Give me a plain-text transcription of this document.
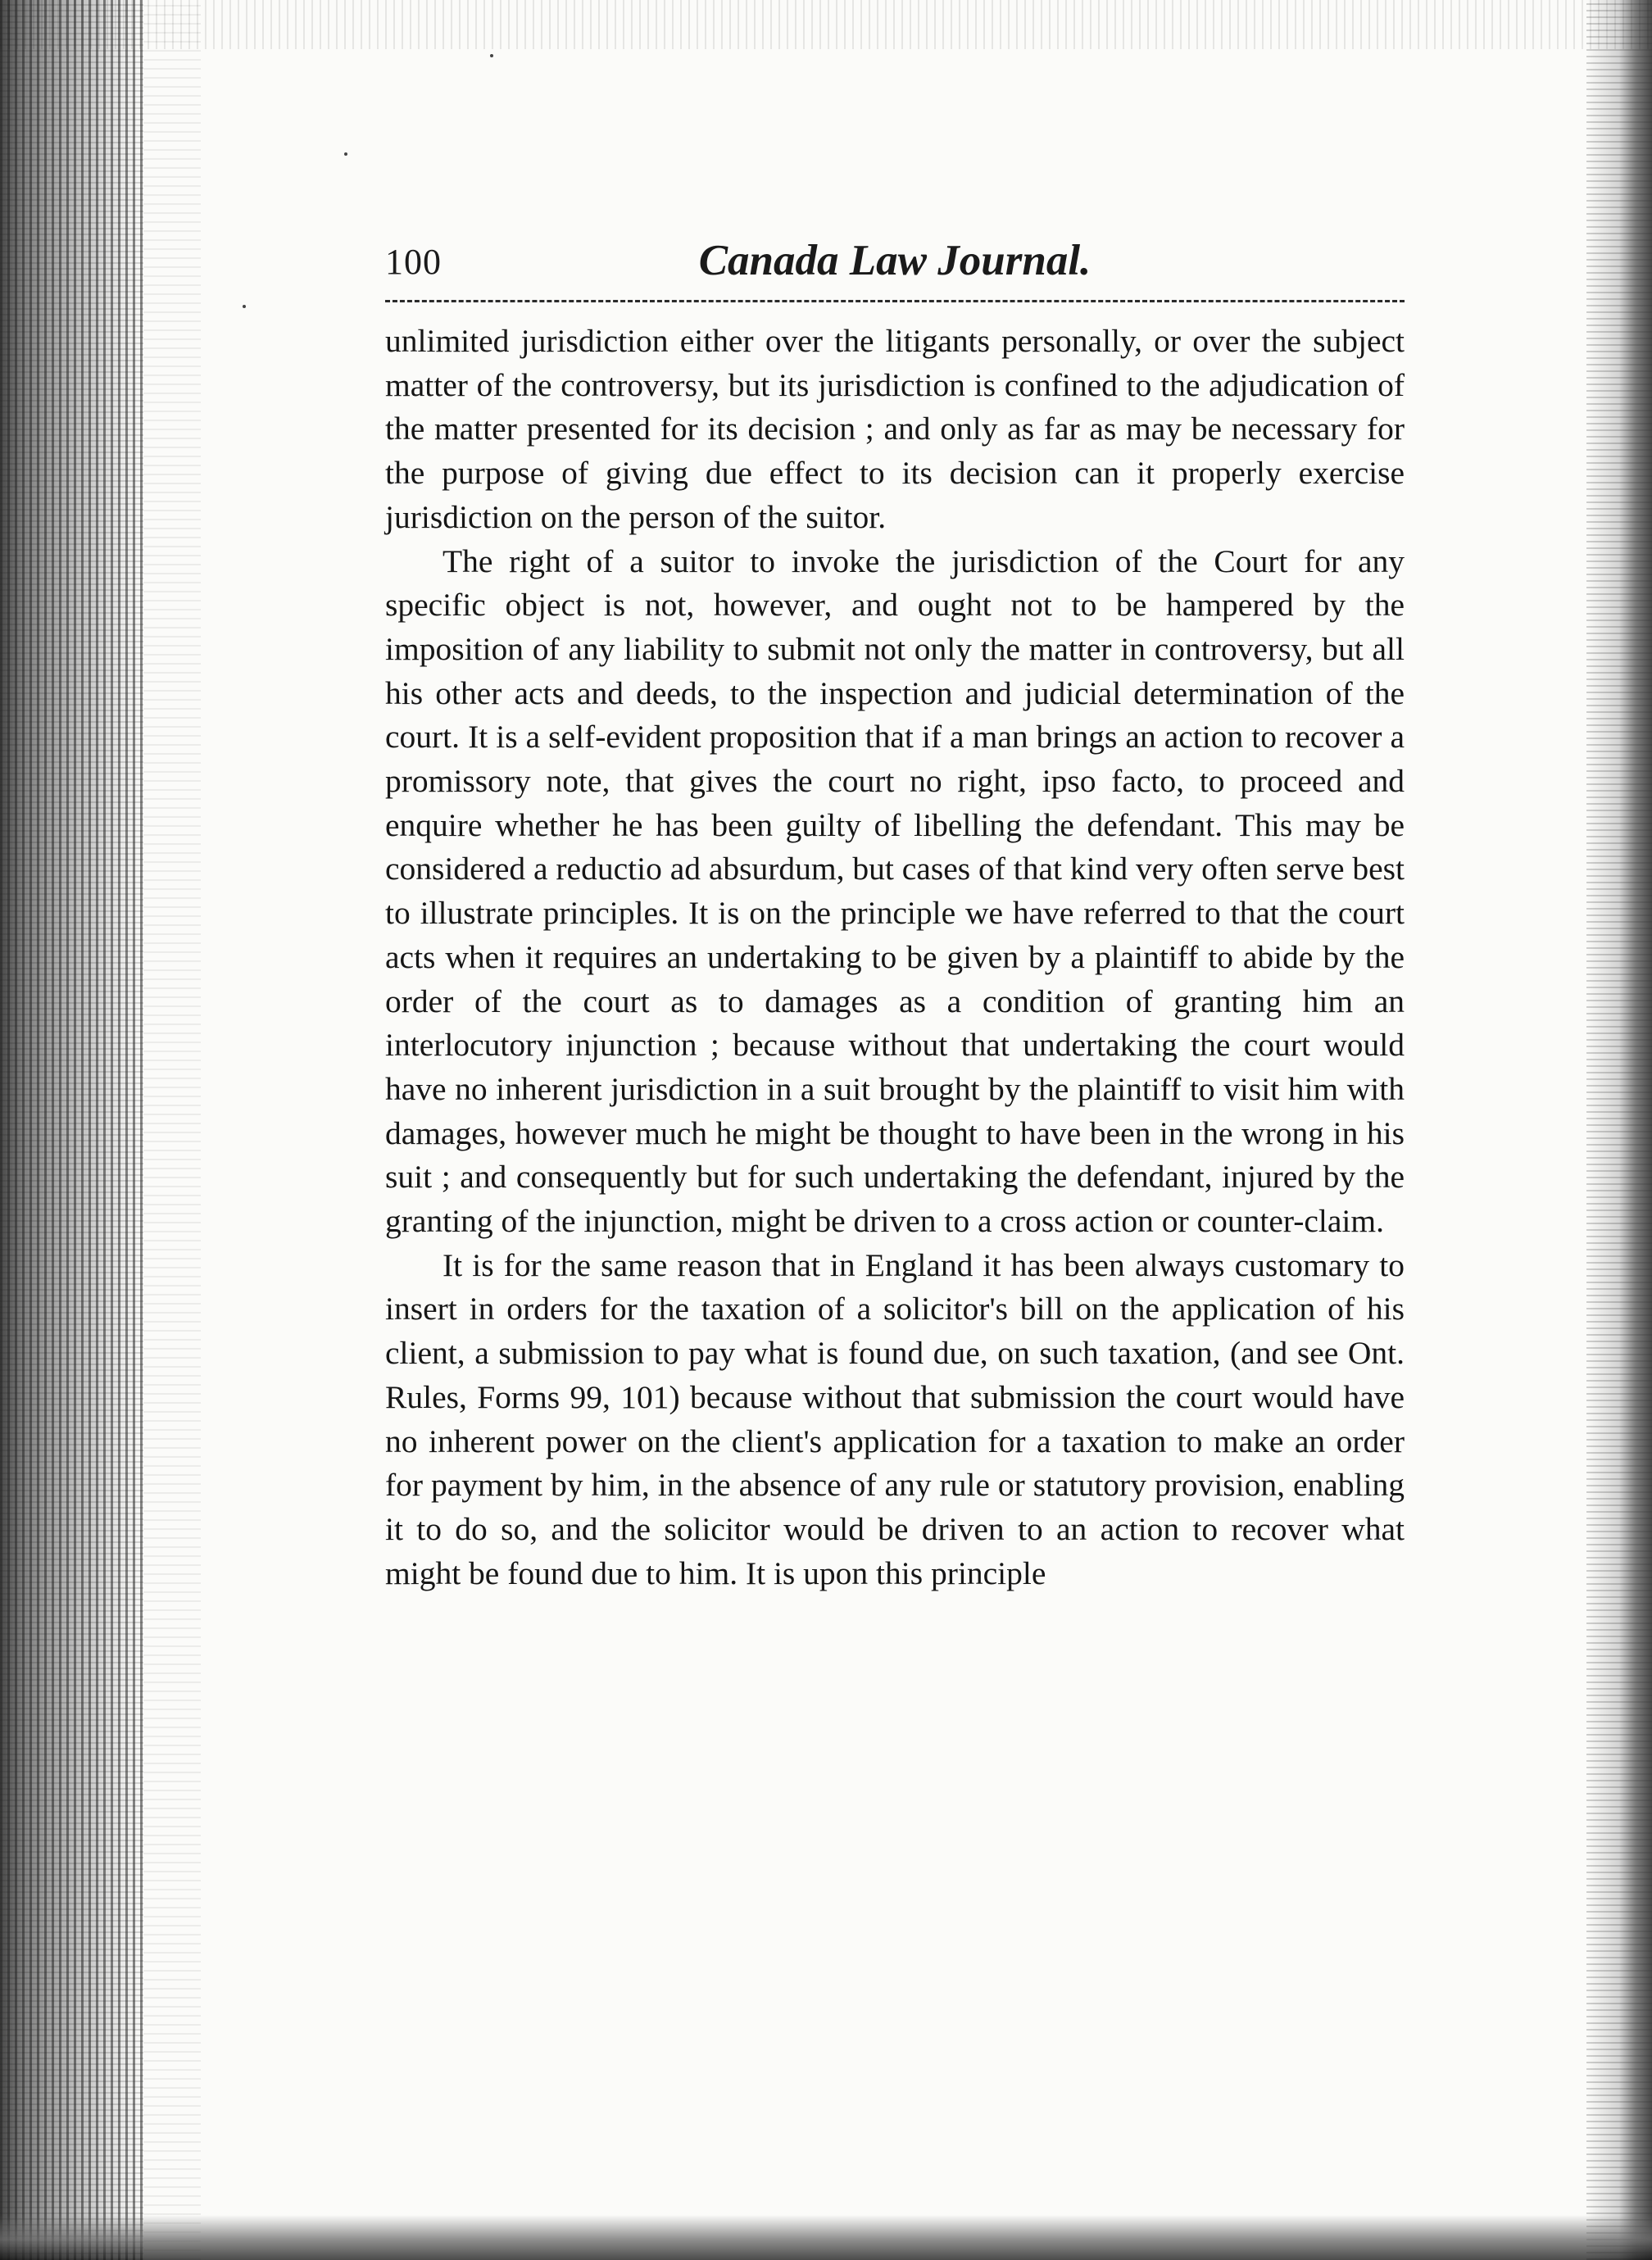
Canada Law Journal.
100

unlimited jurisdiction either over the litigants personally, or over the subject matter of the controversy, but its jurisdiction is confined to the adjudication of the matter presented for its decision ; and only as far as may be necessary for the purpose of giving due effect to its decision can it properly exercise jurisdiction on the person of the suitor.

The right of a suitor to invoke the jurisdiction of the Court for any specific object is not, however, and ought not to be hampered by the imposition of any liability to submit not only the matter in controversy, but all his other acts and deeds, to the inspection and judicial determination of the court. It is a self-evident proposition that if a man brings an action to recover a promissory note, that gives the court no right, ipso facto, to proceed and enquire whether he has been guilty of libelling the defendant. This may be considered a reductio ad absurdum, but cases of that kind very often serve best to illustrate principles. It is on the principle we have referred to that the court acts when it requires an undertaking to be given by a plaintiff to abide by the order of the court as to damages as a condition of granting him an interlocutory injunction ; because without that undertaking the court would have no inherent jurisdiction in a suit brought by the plaintiff to visit him with damages, however much he might be thought to have been in the wrong in his suit ; and consequently but for such undertaking the defendant, injured by the granting of the injunction, might be driven to a cross action or counter-claim.

It is for the same reason that in England it has been always customary to insert in orders for the taxation of a solicitor's bill on the application of his client, a submission to pay what is found due, on such taxation, (and see Ont. Rules, Forms 99, 101) because without that submission the court would have no inherent power on the client's application for a taxation to make an order for payment by him, in the absence of any rule or statutory provision, enabling it to do so, and the solicitor would be driven to an action to recover what might be found due to him. It is upon this principle
